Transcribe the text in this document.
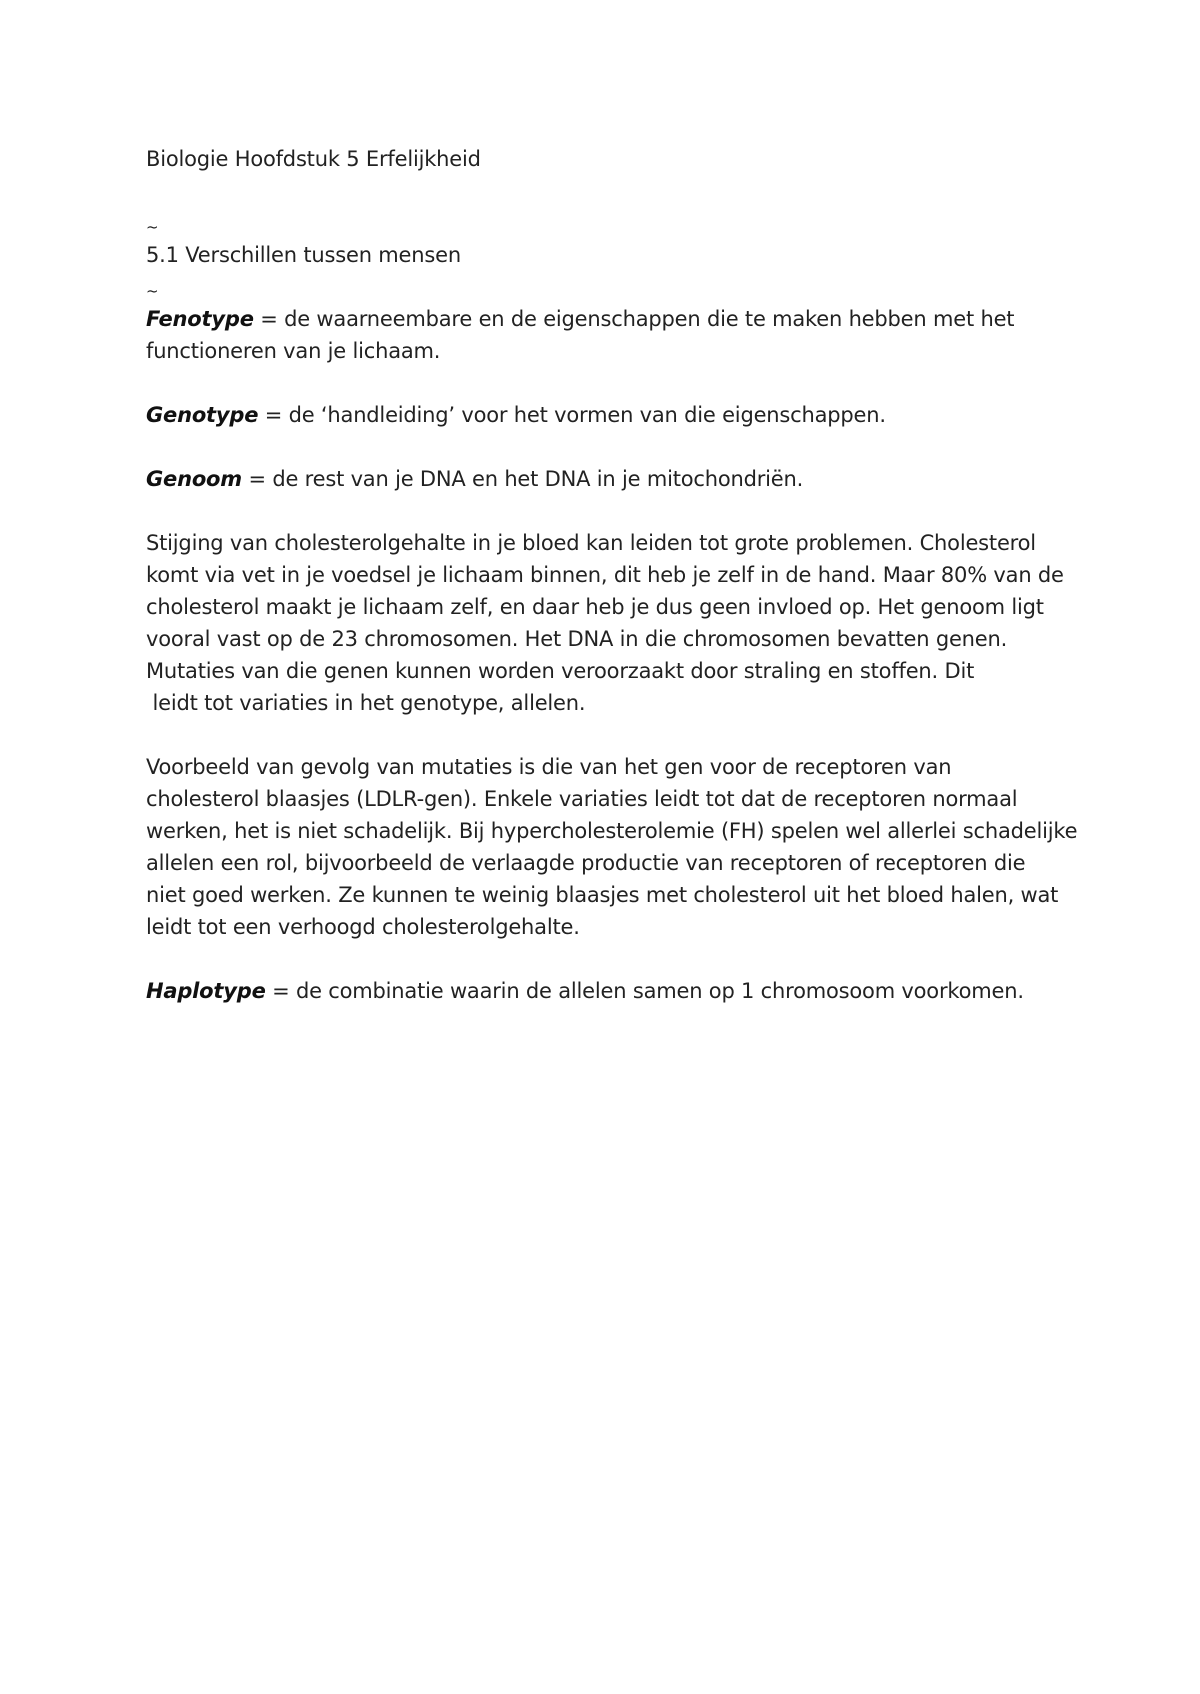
Biologie Hoofdstuk 5 Erfelijkheid

~

5.1 Verschillen tussen mensen

~

Fenotype = de waarneembare en de eigenschappen die te maken hebben met het

functioneren van je lichaam.

Genotype = de ‘handleiding’ voor het vormen van die eigenschappen.

Genoom = de rest van je DNA en het DNA in je mitochondriën.

Stijging van cholesterolgehalte in je bloed kan leiden tot grote problemen. Cholesterol

komt via vet in je voedsel je lichaam binnen, dit heb je zelf in de hand. Maar 80% van de

cholesterol maakt je lichaam zelf, en daar heb je dus geen invloed op. Het genoom ligt

vooral vast op de 23 chromosomen. Het DNA in die chromosomen bevatten genen.

Mutaties van die genen kunnen worden veroorzaakt door straling en stoffen. Dit

leidt tot variaties in het genotype, allelen.

Voorbeeld van gevolg van mutaties is die van het gen voor de receptoren van

cholesterol blaasjes (LDLR-gen). Enkele variaties leidt tot dat de receptoren normaal

werken, het is niet schadelijk. Bij hypercholesterolemie (FH) spelen wel allerlei schadelijke

allelen een rol, bijvoorbeeld de verlaagde productie van receptoren of receptoren die

niet goed werken. Ze kunnen te weinig blaasjes met cholesterol uit het bloed halen, wat

leidt tot een verhoogd cholesterolgehalte.

Haplotype = de combinatie waarin de allelen samen op 1 chromosoom voorkomen.
